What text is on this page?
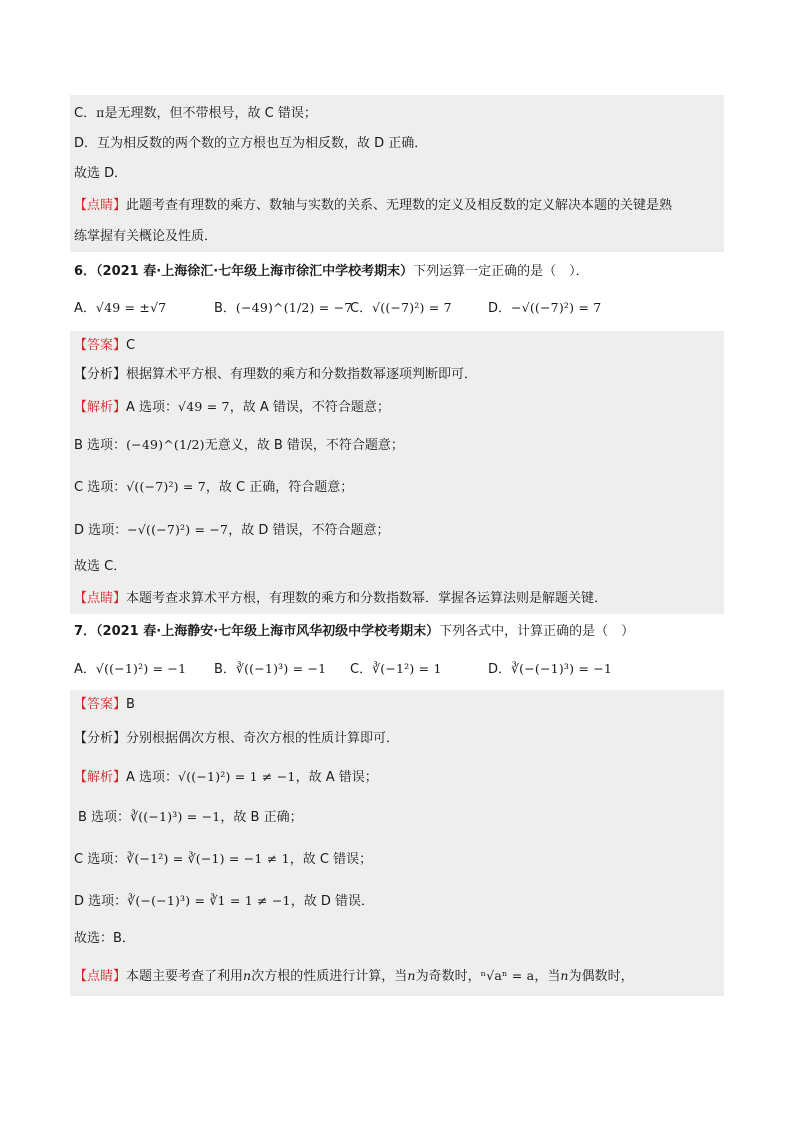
C．π是无理数，但不带根号，故 C 错误；
D．互为相反数的两个数的立方根也互为相反数，故 D 正确．
故选 D．
【点睛】此题考查有理数的乘方、数轴与实数的关系、无理数的定义及相反数的定义解决本题的关键是熟
练掌握有关概论及性质．
6．（2021 春·上海徐汇·七年级上海市徐汇中学校考期末）下列运算一定正确的是（　）．
A．√49 = ±√7	B．(−49)^(1/2) = −7
C．√((−7)²) = 7	D．−√((−7)²) = 7
【答案】C
【分析】根据算术平方根、有理数的乘方和分数指数幂逐项判断即可．
【解析】A 选项：√49 = 7，故 A 错误，不符合题意；
B 选项：(−49)^(1/2)无意义，故 B 错误，不符合题意；
C 选项：√((−7)²) = 7，故 C 正确，符合题意；
D 选项：−√((−7)²) = −7，故 D 错误，不符合题意；
故选 C．
【点睛】本题考查求算术平方根，有理数的乘方和分数指数幂．掌握各运算法则是解题关键．
7．（2021 春·上海静安·七年级上海市风华初级中学校考期末）下列各式中，计算正确的是（　）
A．√((−1)²) = −1 B．∛((−1)³) = −1 C．∛(−1²) = 1	D．∛(−(−1)³) = −1
【答案】B
【分析】分别根据偶次方根、奇次方根的性质计算即可．
【解析】A 选项：√((−1)²) = 1 ≠ −1，故 A 错误；
B 选项：∛((−1)³) = −1，故 B 正确；
C 选项：∛(−1²) = ∛(−1) = −1 ≠ 1，故 C 错误；
D 选项：∛(−(−1)³) = ∛1 = 1 ≠ −1，故 D 错误．
故选：B．
【点睛】本题主要考查了利用n次方根的性质进行计算，当n为奇数时，ⁿ√aⁿ = a，当n为偶数时，
